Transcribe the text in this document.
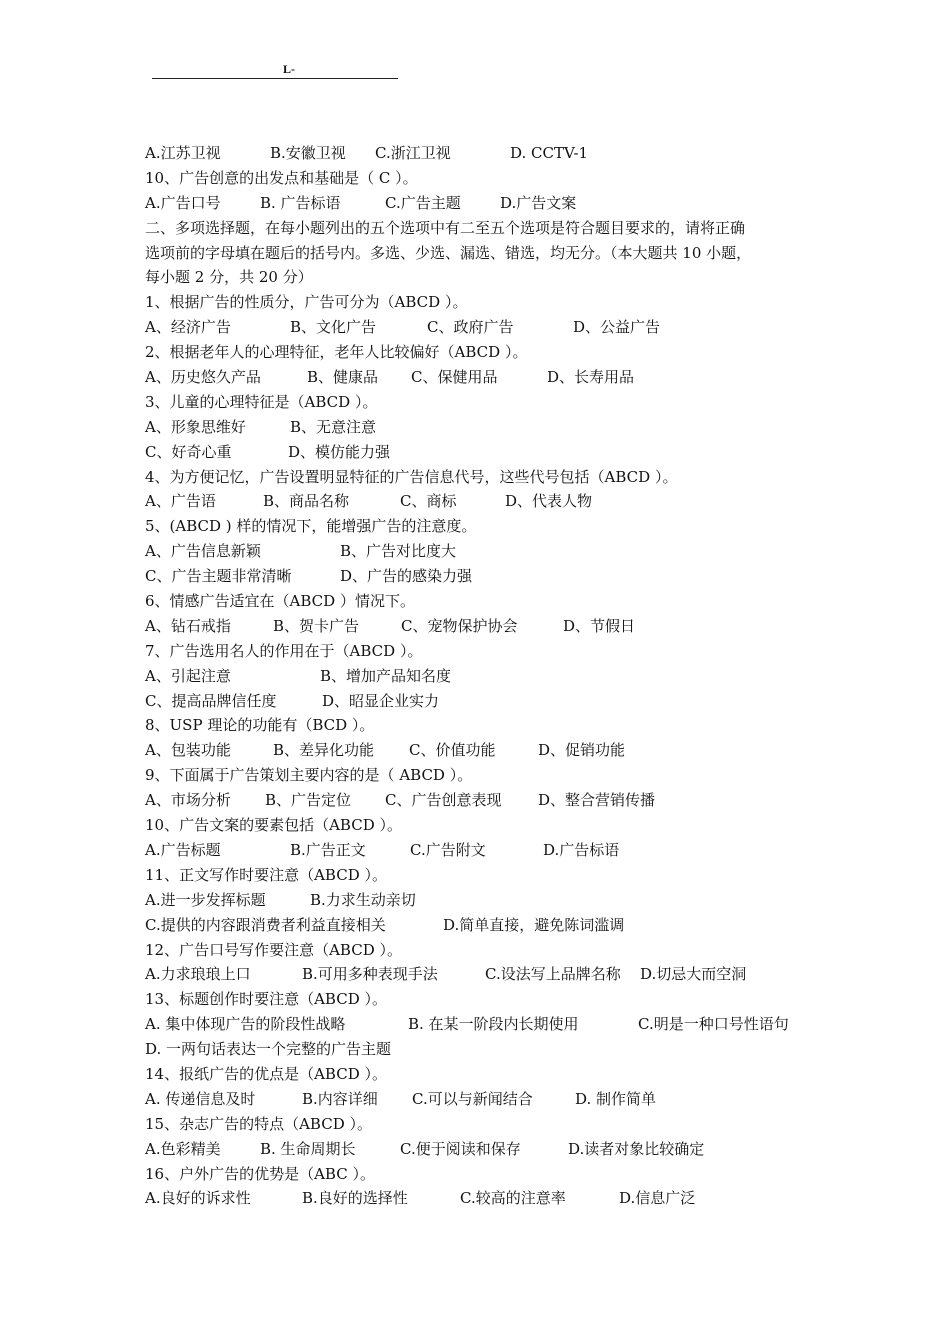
L-
A.江苏卫视	B.安徽卫视 C.浙江卫视	D. CCTV-1
10、广告创意的出发点和基础是（ C ）。
A.广告口号	B. 广告标语	C.广告主题	D.广告文案
二、多项选择题，在每小题列出的五个选项中有二至五个选项是符合题目要求的，请将正确
选项前的字母填在题后的括号内。多选、少选、漏选、错选，均无分。（本大题共 10 小题，
每小题 2 分，共 20 分）
1、根据广告的性质分，广告可分为（ABCD ）。
A、经济广告	B、文化广告	C、政府广告	D、公益广告
2、根据老年人的心理特征，老年人比较偏好（ABCD ）。
A、历史悠久产品	B、健康品 C、保健用品	D、长寿用品
3、儿童的心理特征是（ABCD ）。
A、形象思维好	B、无意注意
C、好奇心重	D、模仿能力强
4、为方便记忆，广告设置明显特征的广告信息代号，这些代号包括（ABCD ）。
A、广告语	B、商品名称	C、商标	D、代表人物
5、(ABCD ) 样的情况下，能增强广告的注意度。
A、广告信息新颖	B、广告对比度大
C、广告主题非常清晰	D、广告的感染力强
6、情感广告适宜在（ABCD ）情况下。
A、钻石戒指	B、贺卡广告	C、宠物保护协会	D、节假日
7、广告选用名人的作用在于（ABCD ）。
A、引起注意	B、增加产品知名度
C、提高品牌信任度	D、昭显企业实力
8、USP 理论的功能有（BCD ）。
A、包装功能	B、差异化功能 C、价值功能	D、促销功能
9、下面属于广告策划主要内容的是（ ABCD ）。
A、市场分析 B、广告定位 C、广告创意表现 D、整合营销传播
10、广告文案的要素包括（ABCD ）。
A.广告标题	B.广告正文	C.广告附文	D.广告标语
11、正文写作时要注意（ABCD ）。
A.进一步发挥标题	B.力求生动亲切
C.提供的内容跟消费者利益直接相关	D.简单直接，避免陈词滥调
12、广告口号写作要注意（ABCD ）。
A.力求琅琅上口	B.可用多种表现手法	C.设法写上品牌名称 D.切忌大而空洞
13、标题创作时要注意（ABCD ）。
A. 集中体现广告的阶段性战略	B. 在某一阶段内长期使用	C.明是一种口号性语句
D. 一两句话表达一个完整的广告主题
14、报纸广告的优点是（ABCD ）。
A. 传递信息及时	B.内容详细 C.可以与新闻结合	D. 制作简单
15、杂志广告的特点（ABCD ）。
A.色彩精美	B. 生命周期长	C.便于阅读和保存	D.读者对象比较确定
16、户外广告的优势是（ABC ）。
A.良好的诉求性	B.良好的选择性	C.较高的注意率	D.信息广泛
